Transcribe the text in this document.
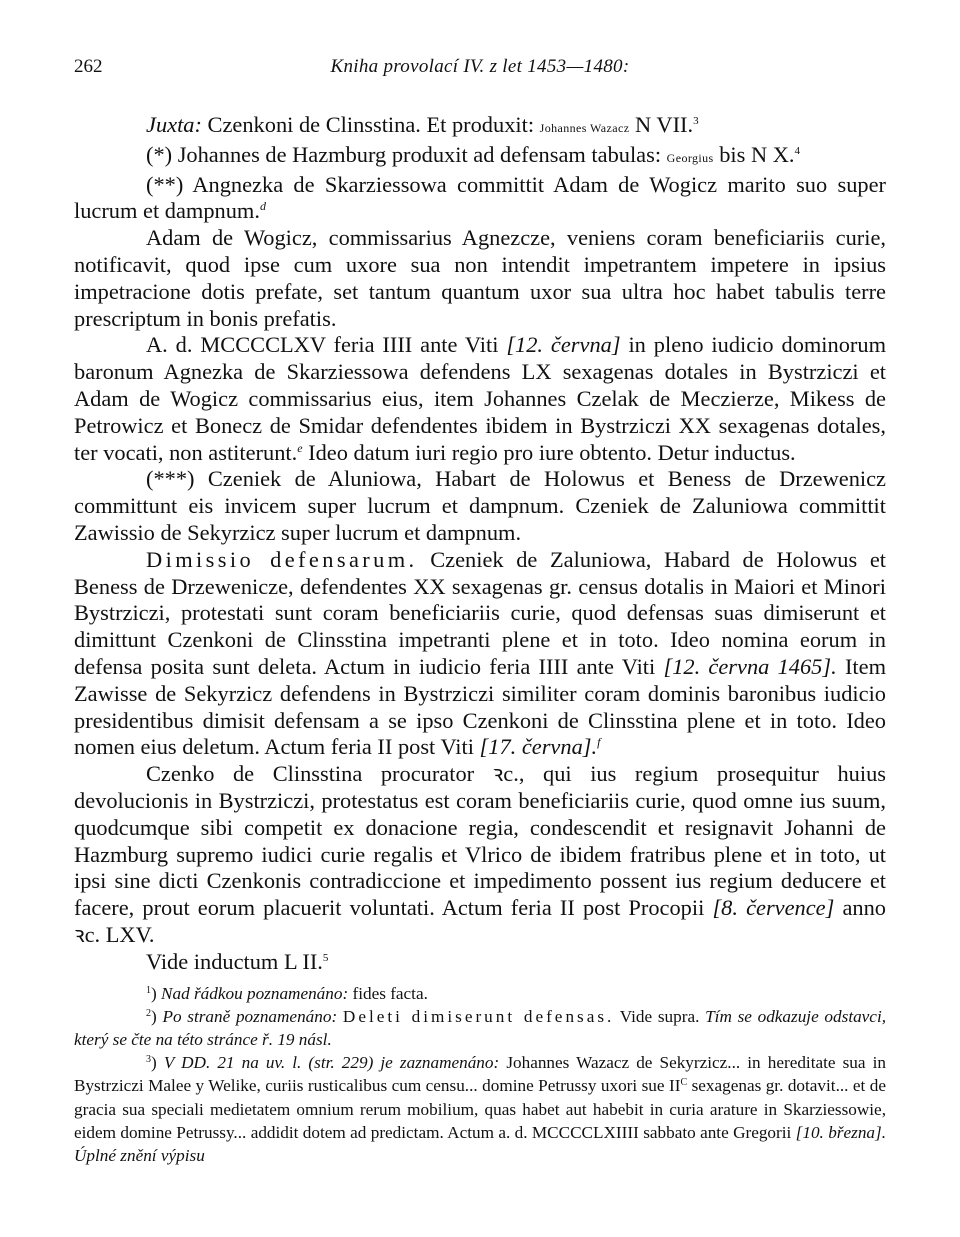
262	Kniha provolací IV. z let 1453—1480:

Juxta: Czenkoni de Clinsstina. Et produxit: Johannes Wazacz N VII.$^3$

(*) Johannes de Hazmburg produxit ad defensam tabulas: Georgius bis N X.$^4$

(**) Angnezka de Skarziessowa committit Adam de Wogicz marito suo super lucrum et dampnum.$^d$

Adam de Wogicz, commissarius Agnezcze, veniens coram beneficiariis curie, notificavit, quod ipse cum uxore sua non intendit impetrantem impetere in ipsius impetracione dotis prefate, set tantum quantum uxor sua ultra hoc habet tabulis terre prescriptum in bonis prefatis.

A. d. MCCCCLXV feria IIII ante Viti [12. června] in pleno iudicio dominorum baronum Agnezka de Skarziessowa defendens LX sexagenas dotales in Bystrziczi et Adam de Wogicz commissarius eius, item Johannes Czelak de Meczierze, Mikess de Petrowicz et Bonecz de Smidar defendentes ibidem in Bystrziczi XX sexagenas dotales, ter vocati, non astiterunt.$^e$ Ideo datum iuri regio pro iure obtento. Detur inductus.

(***) Czeniek de Aluniowa, Habart de Holowus et Beness de Drzewenicz committunt eis invicem super lucrum et dampnum. Czeniek de Zaluniowa committit Zawissio de Sekyrzicz super lucrum et dampnum.

Dimissio defensarum. Czeniek de Zaluniowa, Habard de Holowus et Beness de Drzewenicze, defendentes XX sexagenas gr. census dotalis in Maiori et Minori Bystrziczi, protestati sunt coram beneficiariis curie, quod defensas suas dimiserunt et dimittunt Czenkoni de Clinsstina impetranti plene et in toto. Ideo nomina eorum in defensa posita sunt deleta. Actum in iudicio feria IIII ante Viti [12. června 1465]. Item Zawisse de Sekyrzicz defendens in Bystrziczi similiter coram dominis baronibus iudicio presidentibus dimisit defensam a se ipso Czenkoni de Clinsstina plene et in toto. Ideo nomen eius deletum. Actum feria II post Viti [17. června].$^f$

Czenko de Clinsstina procurator ꝛc., qui ius regium prosequitur huius devolucionis in Bystrziczi, protestatus est coram beneficiariis curie, quod omne ius suum, quodcumque sibi competit ex donacione regia, condescendit et resignavit Johanni de Hazmburg supremo iudici curie regalis et Vlrico de ibidem fratribus plene et in toto, ut ipsi sine dicti Czenkonis contradiccione et impedimento possent ius regium deducere et facere, prout eorum placuerit voluntati. Actum feria II post Procopii [8. července] anno ꝛc. LXV.

Vide inductum L II.$^5$

$^1$) Nad řádkou poznamenáno: fides facta.

$^2$) Po straně poznamenáno: Deleti dimiserunt defensas. Vide supra. Tím se odkazuje odstavci, který se čte na této stránce ř. 19 násl.

$^3$) V DD. 21 na uv. l. (str. 229) je zaznamenáno: Johannes Wazacz de Sekyrzicz... in hereditate sua in Bystrziczi Malee y Welike, curiis rusticalibus cum censu... domine Petrussy uxori sue $II^C$ sexagenas gr. dotavit... et de gracia sua speciali medietatem omnium rerum mobilium, quas habet aut habebit in curia arature in Skarziessowie, eidem domine Petrussy... addidit dotem ad predictam. Actum a. d. MCCCCLXIIII sabbato ante Gregorii [10. března]. Úplné znění výpisu
